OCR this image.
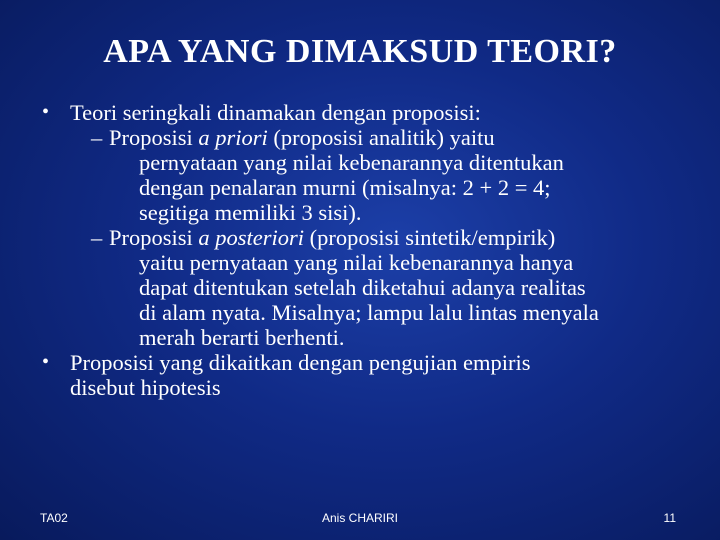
APA YANG DIMAKSUD TEORI?
• Teori seringkali dinamakan dengan proposisi:
– Proposisi a priori (proposisi analitik) yaitu
pernyataan yang nilai kebenarannya ditentukan
dengan penalaran murni (misalnya: 2 + 2 = 4;
segitiga memiliki 3 sisi).
– Proposisi a posteriori (proposisi sintetik/empirik)
yaitu pernyataan yang nilai kebenarannya hanya
dapat ditentukan setelah diketahui adanya realitas
di alam nyata. Misalnya; lampu lalu lintas menyala
merah berarti berhenti.
• Proposisi yang dikaitkan dengan pengujian empiris
disebut hipotesis
TA02	Anis CHARIRI	11
